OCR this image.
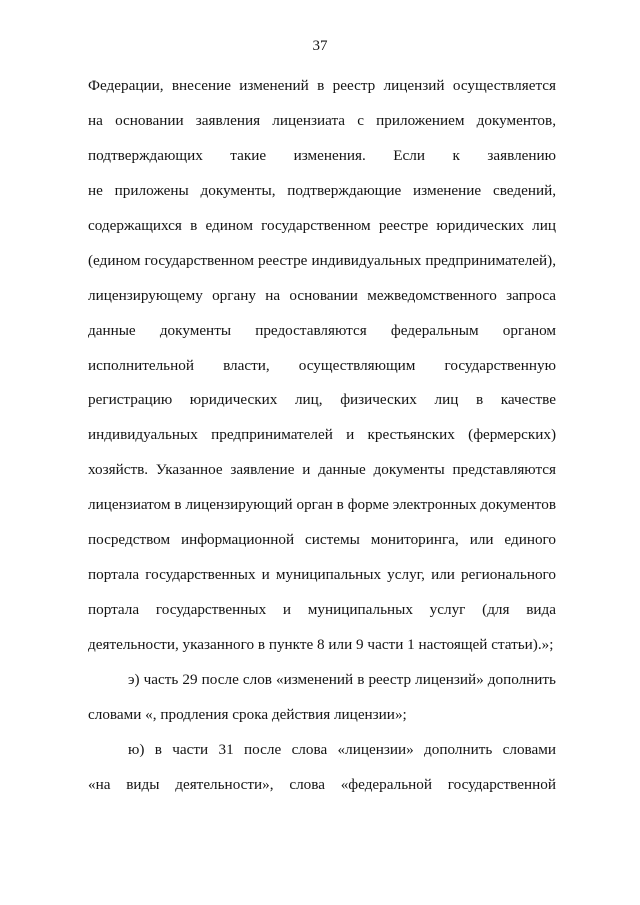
37
Федерации, внесение изменений в реестр лицензий осуществляется
на основании заявления лицензиата с приложением документов,
подтверждающих такие изменения. Если к заявлению
не приложены документы, подтверждающие изменение сведений,
содержащихся в едином государственном реестре юридических лиц
(едином государственном реестре индивидуальных предпринимателей),
лицензирующему органу на основании межведомственного запроса
данные документы предоставляются федеральным органом
исполнительной власти, осуществляющим государственную
регистрацию юридических лиц, физических лиц в качестве
индивидуальных предпринимателей и крестьянских (фермерских)
хозяйств. Указанное заявление и данные документы представляются
лицензиатом в лицензирующий орган в форме электронных документов
посредством информационной системы мониторинга, или единого
портала государственных и муниципальных услуг, или регионального
портала государственных и муниципальных услуг (для вида
деятельности, указанного в пункте 8 или 9 части 1 настоящей статьи).»;
э) часть 29 после слов «изменений в реестр лицензий» дополнить
словами «, продления срока действия лицензии»;
ю) в части 31 после слова «лицензии» дополнить словами
«на виды деятельности», слова «федеральной государственной
